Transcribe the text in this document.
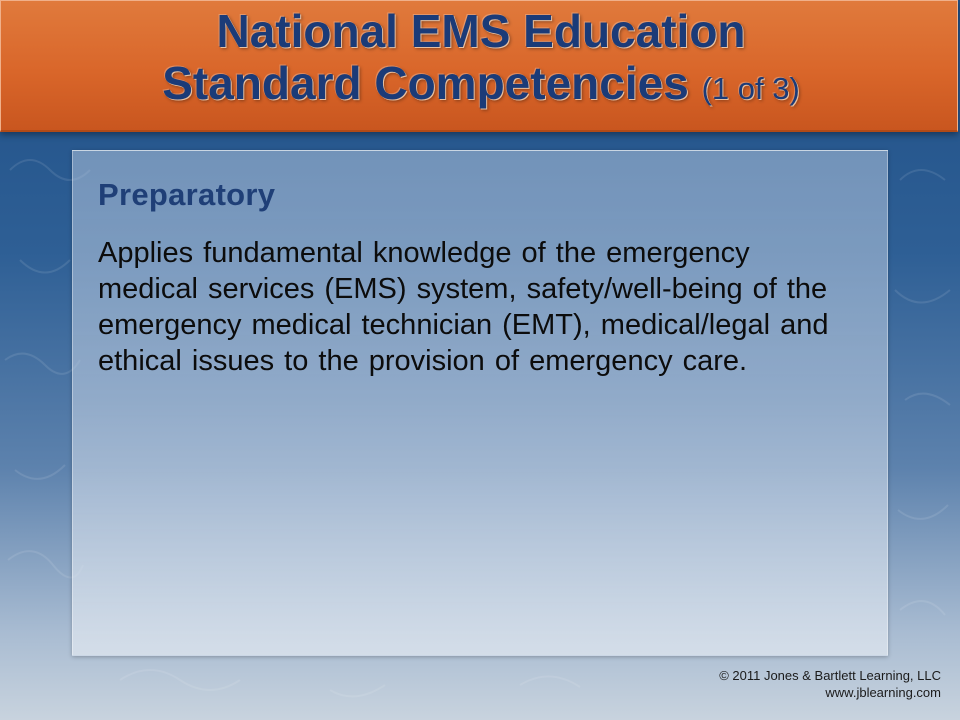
National EMS Education
Standard Competencies (1 of 3)
Preparatory

Applies fundamental knowledge of the emergency medical services (EMS) system, safety/well-being of the emergency medical technician (EMT), medical/legal and ethical issues to the provision of emergency care.

© 2011 Jones & Bartlett Learning, LLC
www.jblearning.com
